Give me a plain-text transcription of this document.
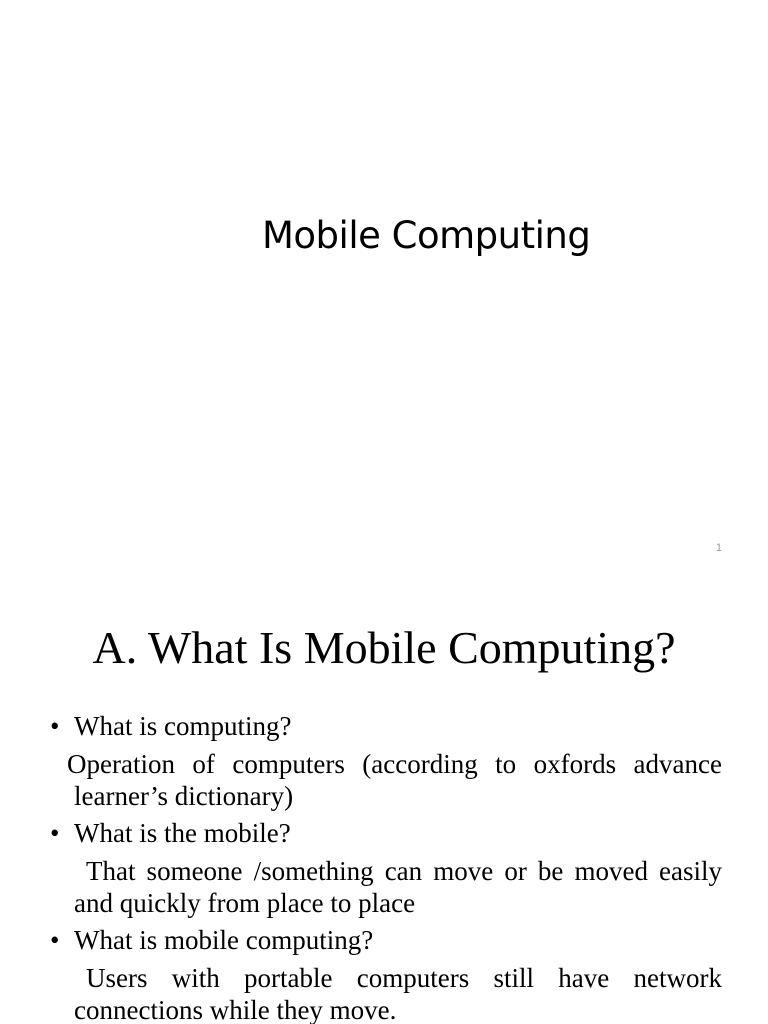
Mobile Computing
1
A. What Is Mobile Computing?
• What is computing?
Operation of computers (according to oxfords advance learner’s dictionary)
• What is the mobile?
That someone /something can move or be moved easily and quickly from place to place
• What is mobile computing?
Users with portable computers still have network connections while they move.
